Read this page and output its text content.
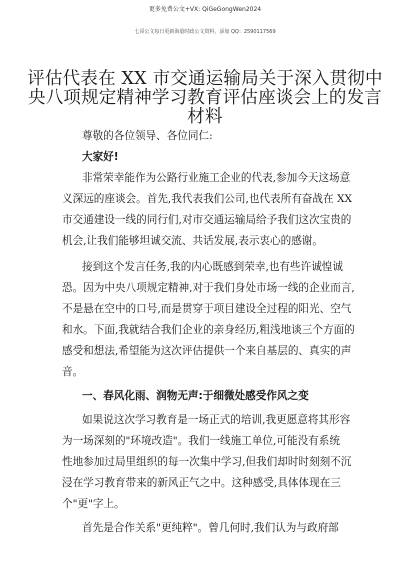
更多免费公文+VX: QiGeGongWen2024
七哥公文每日更新海量时政公文资料，添加 QQ：2590117569
评估代表在 XX 市交通运输局关于深入贯彻中
央八项规定精神学习教育评估座谈会上的发言
材料
尊敬的各位领导、各位同仁:
大家好!
非常荣幸能作为公路行业施工企业的代表,参加今天这场意
义深远的座谈会。首先,我代表我们公司,也代表所有奋战在 XX
市交通建设一线的同行们,对市交通运输局给予我们这次宝贵的
机会,让我们能够坦诚交流、共话发展,表示衷心的感谢。
接到这个发言任务,我的内心既感到荣幸,也有些许诚惶诚
恐。因为中央八项规定精神,对于我们身处市场一线的企业而言,
不是悬在空中的口号,而是贯穿于项目建设全过程的阳光、空气
和水。下面,我就结合我们企业的亲身经历,粗浅地谈三个方面的
感受和想法,希望能为这次评估提供一个来自基层的、真实的声
音。
一、春风化雨、润物无声:于细微处感受作风之变
如果说这次学习教育是一场正式的培训,我更愿意将其形容
为一场深刻的"环境改造"。我们一线施工单位,可能没有系统
性地参加过局里组织的每一次集中学习,但我们却时时刻刻不沉
浸在学习教育带来的新风正气之中。这种感受,具体体现在三
个"更"字上。
首先是合作关系"更纯粹"。曾几何时,我们认为与政府部
